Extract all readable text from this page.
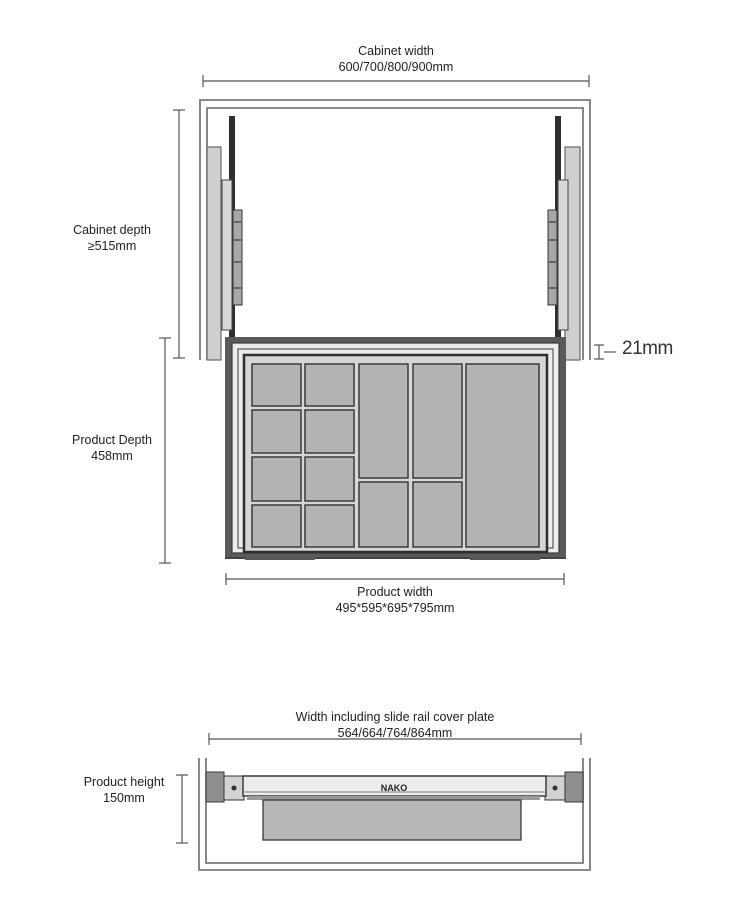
NAKO
Cabinet width
600/700/800/900mm
Cabinet depth
≥515mm
Product Depth
458mm
21mm
Product width
495*595*695*795mm
Width including slide rail cover plate
564/664/764/864mm
Product height
150mm
